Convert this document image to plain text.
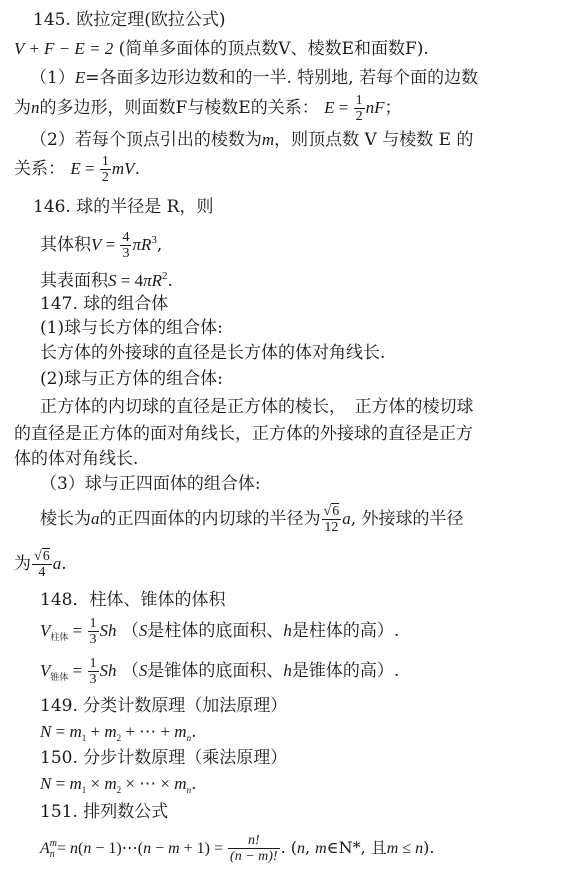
145. 欧拉定理(欧拉公式)
V + F − E = 2 (简单多面体的顶点数V、棱数E和面数F).
（1）E=各面多边形边数和的一半. 特别地, 若每个面的边数
为n的多边形，则面数F与棱数E的关系： $E = \frac{1}{2}$ nF；
（2）若每个顶点引出的棱数为m，则顶点数 V 与棱数 E 的
关系： $E = \frac{1}{2}$ mV.
146. 球的半径是 R，则
其体积$V = \frac{4}{3} \pi R^3$,
其表面积$S = 4\pi R^2$.
147. 球的组合体
(1)球与长方体的组合体:
长方体的外接球的直径是长方体的体对角线长.
(2)球与正方体的组合体:
正方体的内切球的直径是正方体的棱长，　正方体的棱切球
的直径是正方体的面对角线长，正方体的外接球的直径是正方
体的体对角线长.
（3）球与正四面体的组合体:
棱长为a的正四面体的内切球的半径为 $\frac{√6}{12} a$, 外接球的半径
为 $\frac{√6}{4} a$.
148．柱体、锥体的体积
$V_{柱体} = \frac{1}{3}$ Sh （S是柱体的底面积、h是柱体的高）.
$V_{锥体} = \frac{1}{3}$ Sh （S是锥体的底面积、h是锥体的高）.
149. 分类计数原理（加法原理）
$N = m_1 + m_2$ + ⋯ + $m_n$.
150. 分步计数原理（乘法原理）
$N = m_1 \times m_2$ × ⋯ × $m_n$.
151. 排列数公式
A m
n = n(n − 1)⋯(n − $m + 1) = \frac{n!}{(n - m)!}$ . (n, m∈N*, 且m ≤ n).
